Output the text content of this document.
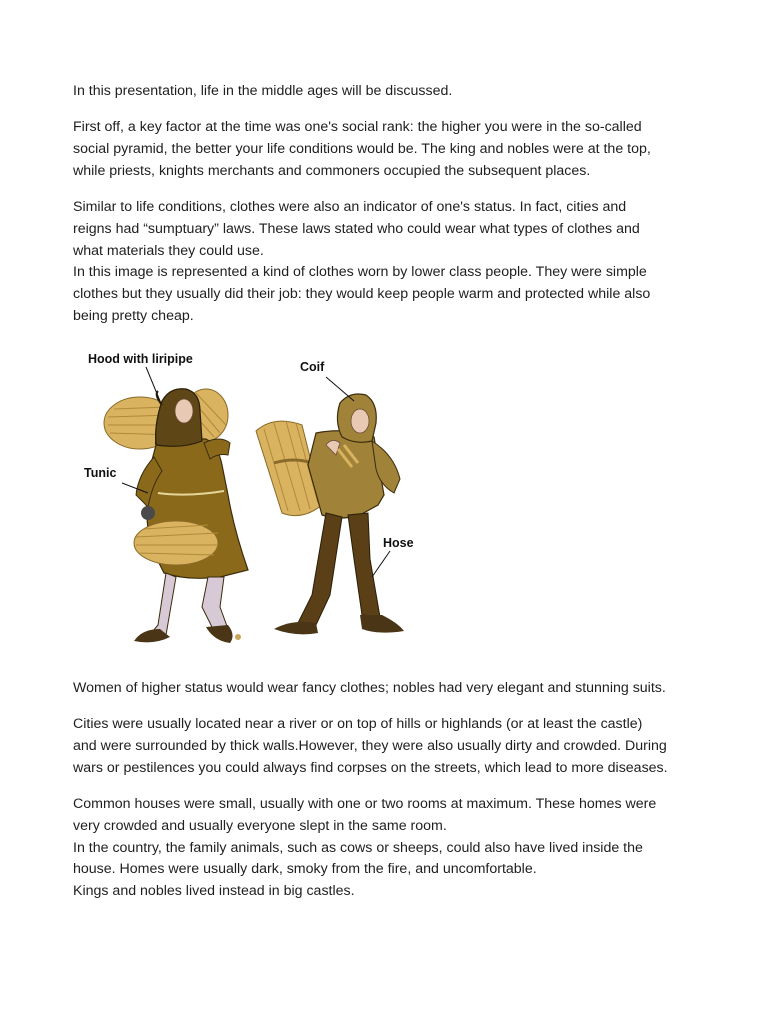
In this presentation, life in the middle ages will be discussed.

First off, a key factor at the time was one's social rank: the higher you were in the so-called
social pyramid, the better your life conditions would be. The king and nobles were at the top,
while priests, knights merchants and commoners occupied the subsequent places.

Similar to life conditions, clothes were also an indicator of one's status. In fact, cities and
reigns had “sumptuary” laws. These laws stated who could wear what types of clothes and
what materials they could use.
In this image is represented a kind of clothes worn by lower class people. They were simple
clothes but they usually did their job: they would keep people warm and protected while also
being pretty cheap.

Hood with liripipe
Coif
Tunic
Hose

Women of higher status would wear fancy clothes; nobles had very elegant and stunning suits.

Cities were usually located near a river or on top of hills or highlands (or at least the castle)
and were surrounded by thick walls.However, they were also usually dirty and crowded. During
wars or pestilences you could always find corpses on the streets, which lead to more diseases.

Common houses were small, usually with one or two rooms at maximum. These homes were
very crowded and usually everyone slept in the same room.
In the country, the family animals, such as cows or sheeps, could also have lived inside the
house. Homes were usually dark, smoky from the fire, and uncomfortable.
Kings and nobles lived instead in big castles.
